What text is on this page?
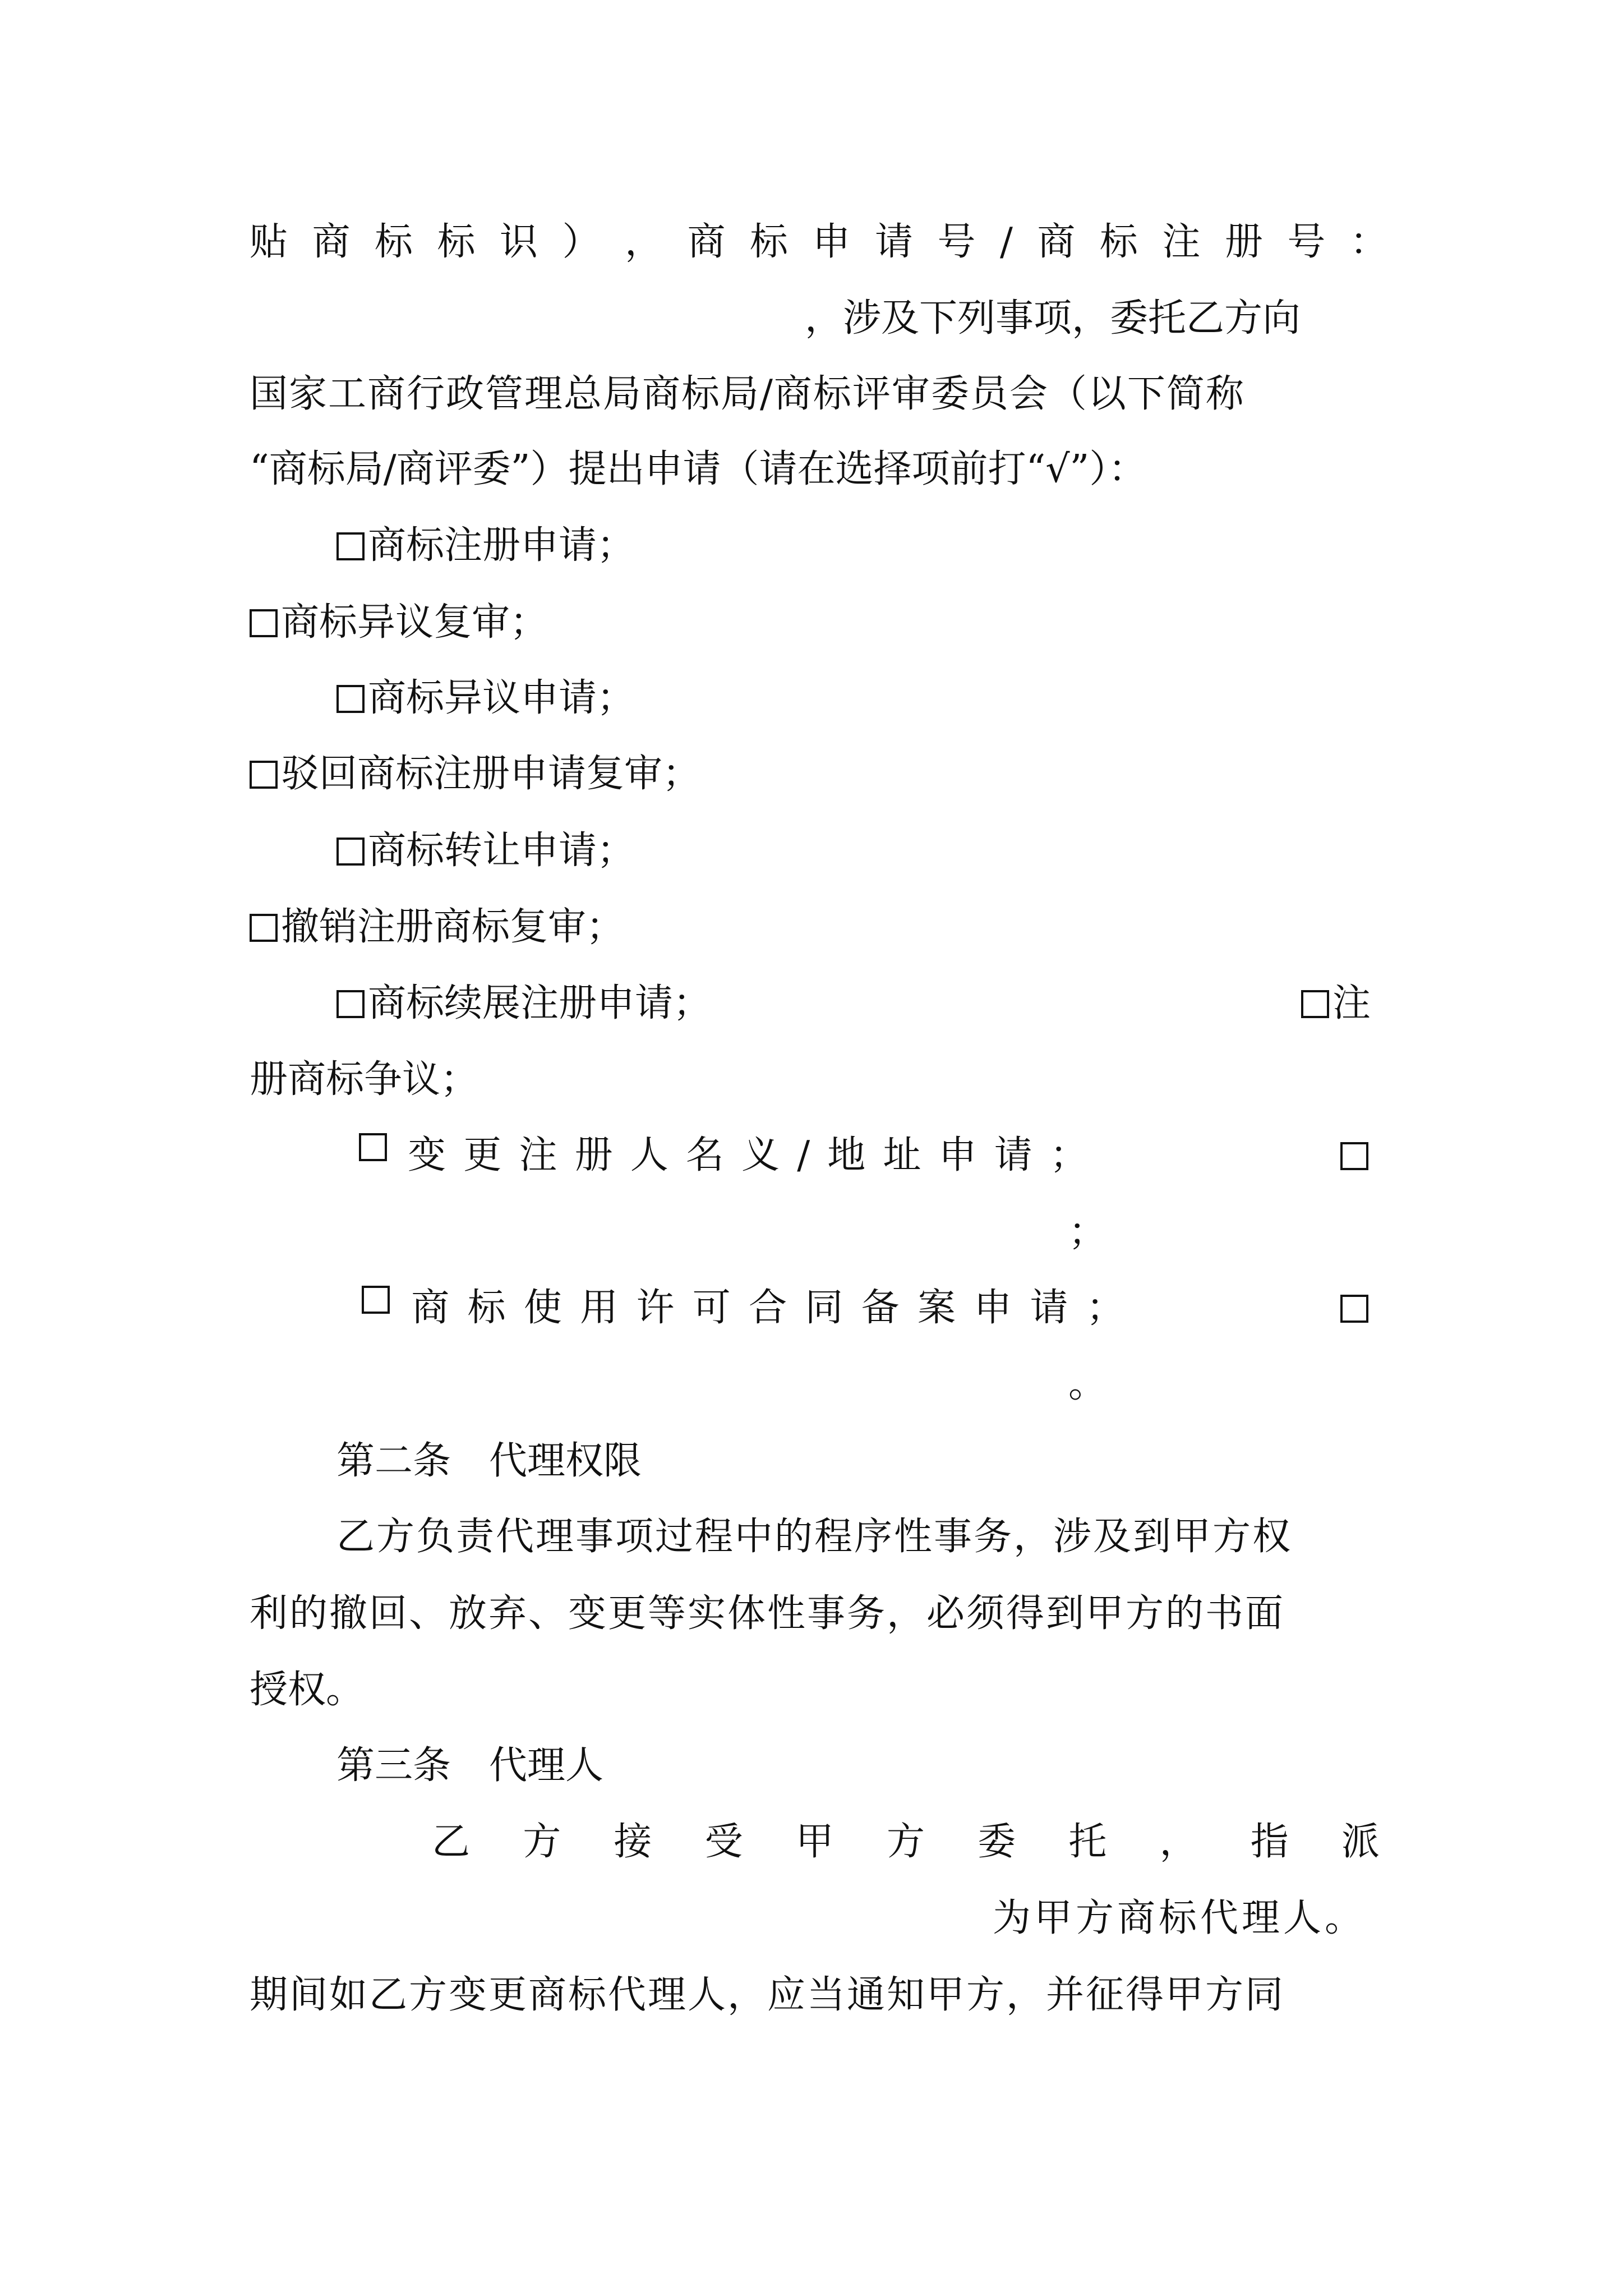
贴 商 标 标 识 ） ， 商 标 申 请 号 / 商 标 注 册 号 ：
，涉及下列事项，委托乙方向
国家工商行政管理总局商标局/商标评审委员会（以下简称
“商标局/商评委”）提出申请（请在选择项前打“√”）：
商标注册申请；
商标异议复审；
商标异议申请；
驳回商标注册申请复审；
商标转让申请；
撤销注册商标复审；
商标续展注册申请；	注
册商标争议；
变 更 注 册 人 名 义 / 地 址 申 请 ；
；
商 标 使 用 许 可 合 同 备 案 申 请 ；
。
第二条　代理权限
乙方负责代理事项过程中的程序性事务，涉及到甲方权
利的撤回、放弃、变更等实体性事务，必须得到甲方的书面
授权。
第三条　代理人
乙 方 接 受 甲 方 委 托 ， 指 派
为甲方商标代理人。
期间如乙方变更商标代理人，应当通知甲方，并征得甲方同
